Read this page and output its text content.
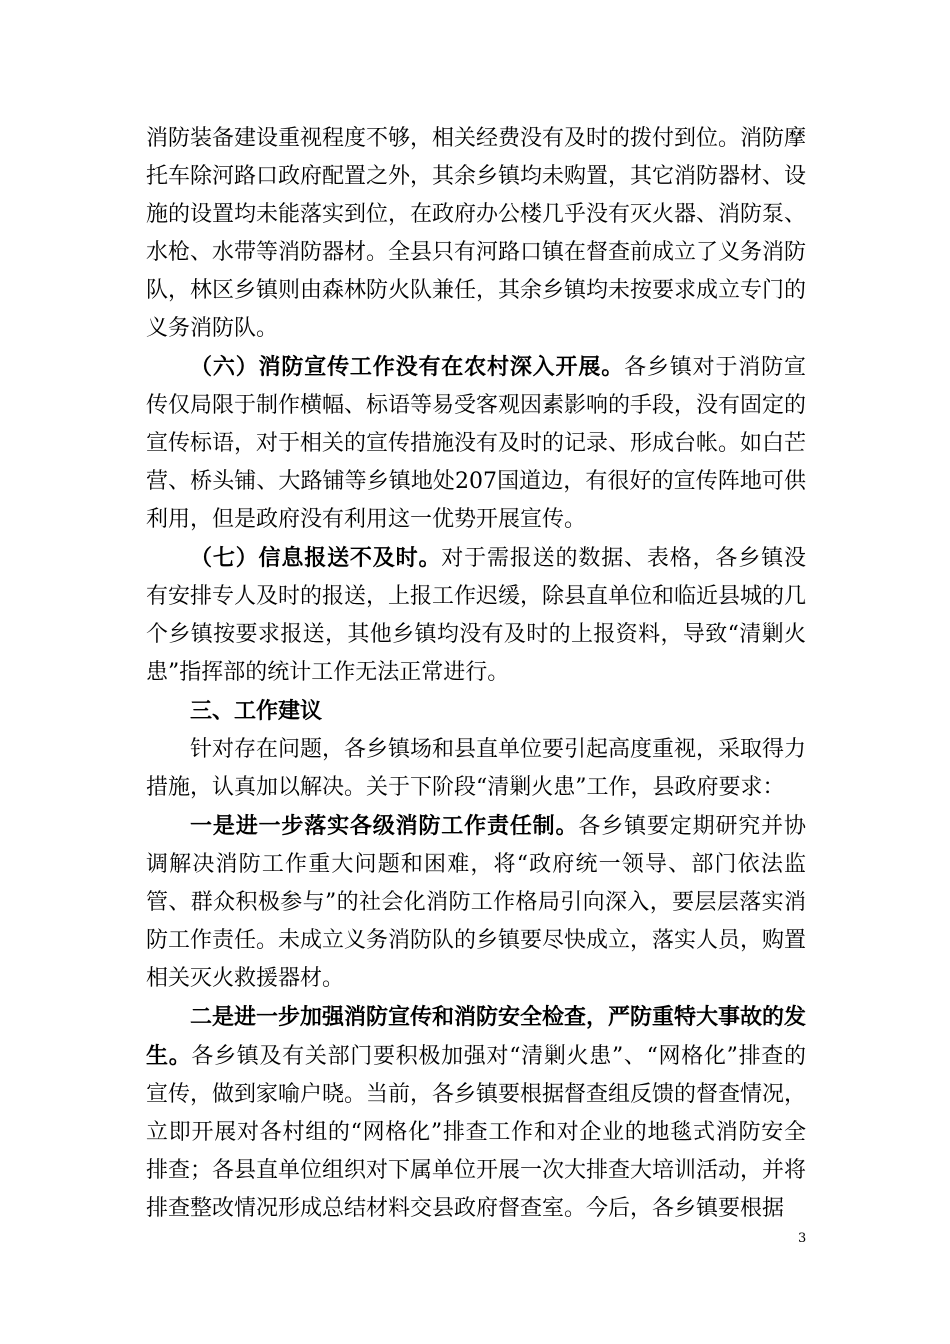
消防装备建设重视程度不够，相关经费没有及时的拨付到位。消防摩托车除河路口政府配置之外，其余乡镇均未购置，其它消防器材、设施的设置均未能落实到位，在政府办公楼几乎没有灭火器、消防泵、水枪、水带等消防器材。全县只有河路口镇在督查前成立了义务消防队，林区乡镇则由森林防火队兼任，其余乡镇均未按要求成立专门的义务消防队。

（六）消防宣传工作没有在农村深入开展。各乡镇对于消防宣传仅局限于制作横幅、标语等易受客观因素影响的手段，没有固定的宣传标语，对于相关的宣传措施没有及时的记录、形成台帐。如白芒营、桥头铺、大路铺等乡镇地处207国道边，有很好的宣传阵地可供利用，但是政府没有利用这一优势开展宣传。

（七）信息报送不及时。对于需报送的数据、表格，各乡镇没有安排专人及时的报送，上报工作迟缓，除县直单位和临近县城的几个乡镇按要求报送，其他乡镇均没有及时的上报资料，导致“清剿火患”指挥部的统计工作无法正常进行。

三、工作建议

针对存在问题，各乡镇场和县直单位要引起高度重视，采取得力措施，认真加以解决。关于下阶段“清剿火患”工作，县政府要求：

一是进一步落实各级消防工作责任制。各乡镇要定期研究并协调解决消防工作重大问题和困难，将“政府统一领导、部门依法监管、群众积极参与”的社会化消防工作格局引向深入，要层层落实消防工作责任。未成立义务消防队的乡镇要尽快成立，落实人员，购置相关灭火救援器材。

二是进一步加强消防宣传和消防安全检查，严防重特大事故的发生。各乡镇及有关部门要积极加强对“清剿火患”、“网格化”排查的宣传，做到家喻户晓。当前，各乡镇要根据督查组反馈的督查情况，立即开展对各村组的“网格化”排查工作和对企业的地毯式消防安全排查；各县直单位组织对下属单位开展一次大排查大培训活动，并将排查整改情况形成总结材料交县政府督查室。今后，各乡镇要根据

3
